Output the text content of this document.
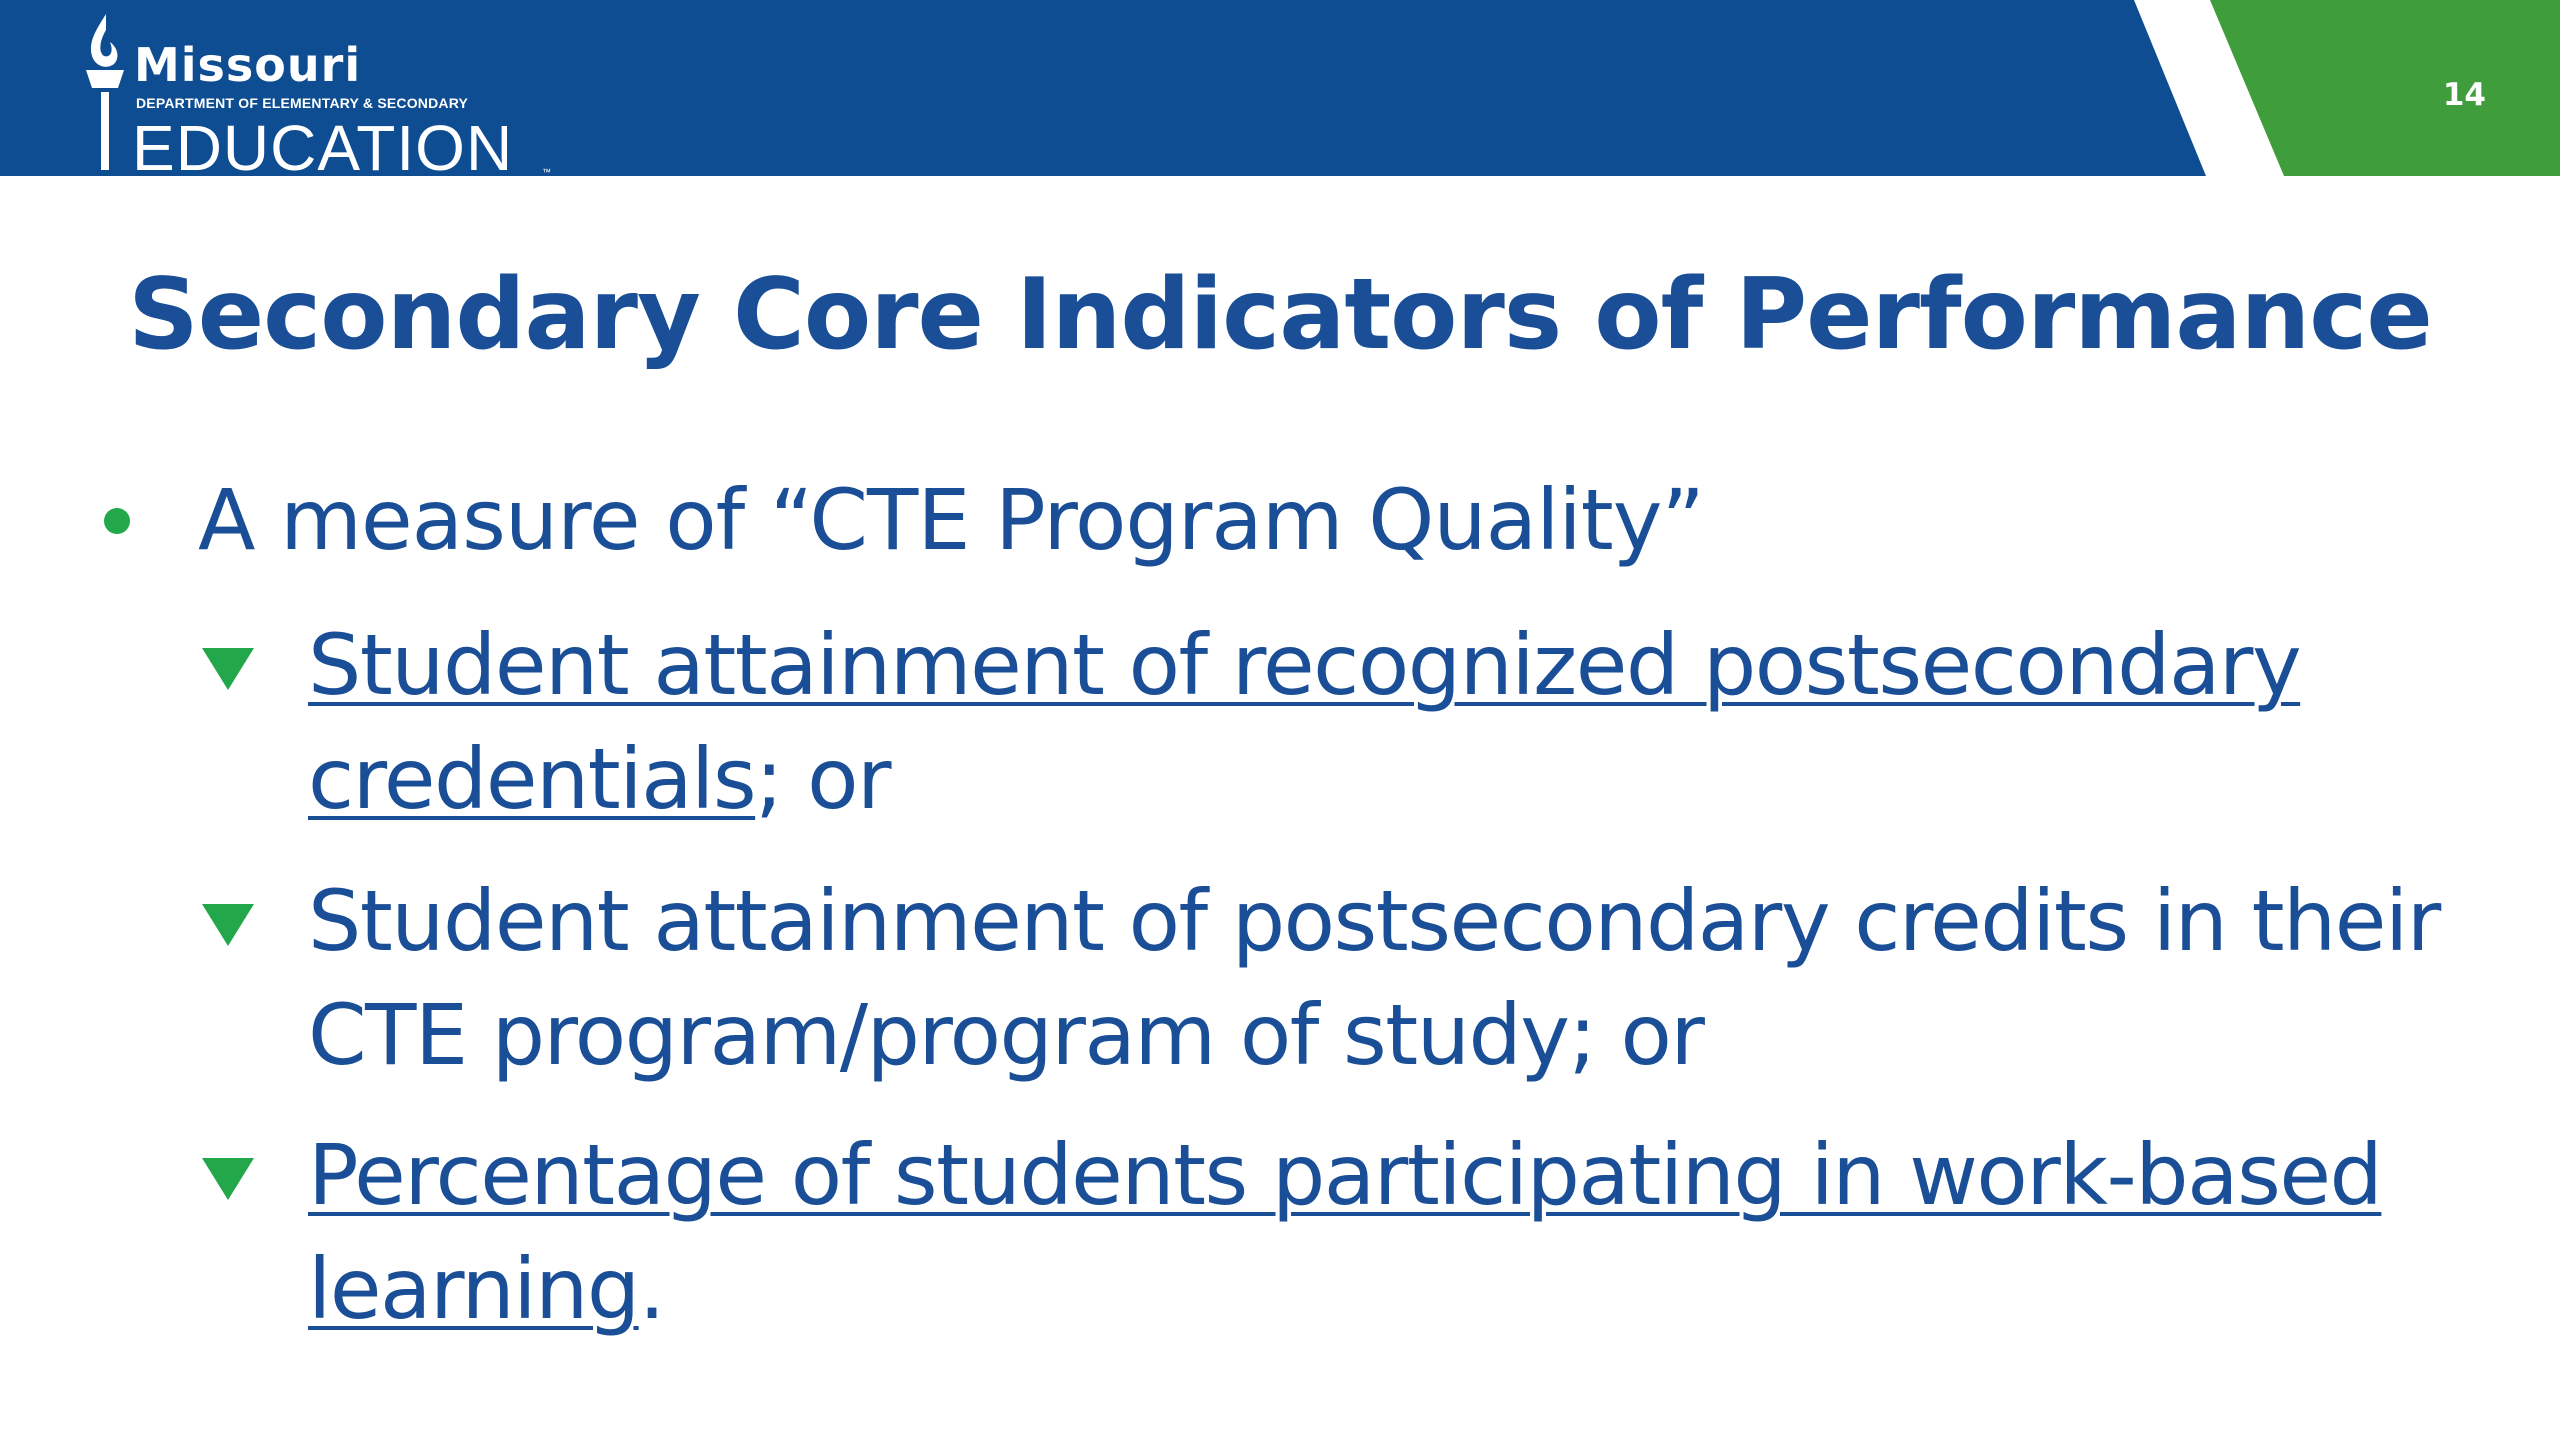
Missouri
DEPARTMENT OF ELEMENTARY & SECONDARY
EDUCATION	™
14
Secondary Core Indicators of Performance
A measure of “CTE Program Quality”
Student attainment of recognized postsecondary credentials; or
Student attainment of postsecondary credits in their CTE program/program of study; or
Percentage of students participating in work-based learning.
